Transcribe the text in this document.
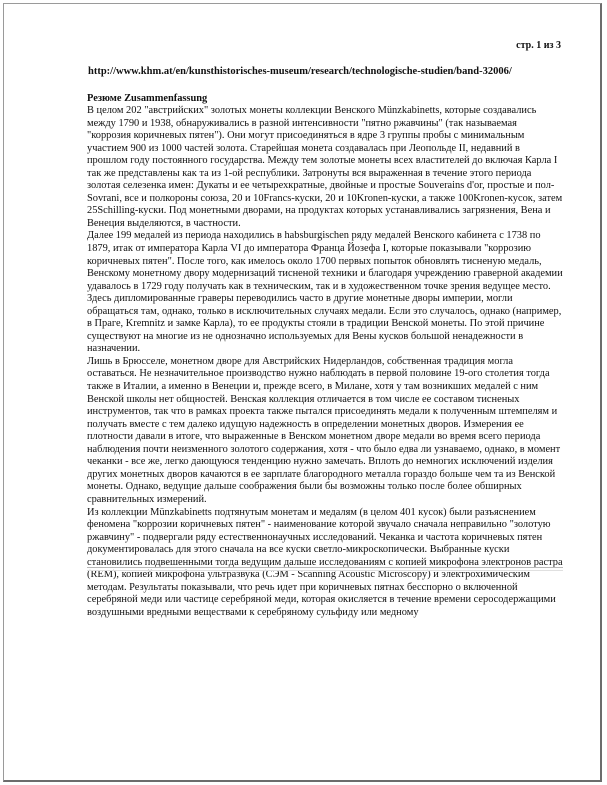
стр. 1 из 3
http://www.khm.at/en/kunsthistorisches-museum/research/technologische-studien/band-32006/

Резюме Zusammenfassung

В целом 202 "австрийских" золотых монеты коллекции Венского Münzkabinetts, которые создавались между 1790 и 1938, обнаруживались в разной интенсивности "пятно ржавчины" (так называемая "коррозия коричневых пятен"). Они могут присоединяться в ядре 3 группы пробы с минимальным участием 900 из 1000 частей золота. Старейшая монета создавалась при Леопольде II, недавний в прошлом году постоянного государства. Между тем золотые монеты всех властителей до включая Карла I так же представлены как та из 1-ой республики. Затронуты вся выраженная в течение этого периода золотая селезенка имен: Дукаты и ее четырехкратные, двойные и простые Souverains d'or, простые и пол-Sovrani, все и полкороны союза, 20 и 10Francs-куски, 20 и 10Kronen-куски, а также 100Kronen-кусок, затем 25Schilling-куски. Под монетными дворами, на продуктах которых устанавливались загрязнения, Вена и Венеция выделяются, в частности.

Далее 199 медалей из периода находились в habsburgischen ряду медалей Венского кабинета с 1738 по 1879, итак от императора Карла VI до императора Франца Йозефа I, которые показывали "коррозию коричневых пятен". После того, как имелось около 1700 первых попыток обновлять тисненую медаль, Венскому монетному двору модернизаций тисненой техники и благодаря учреждению граверной академии удавалось в 1729 году получать как в техническим, так и в художественном точке зрения ведущее место. Здесь дипломированные граверы переводились часто в другие монетные дворы империи, могли обращаться там, однако, только в исключительных случаях медали. Если это случалось, однако (например, в Праге, Kremnitz и замке Карла), то ее продукты стояли в традиции Венской монеты. По этой причине существуют на многие из не однозначно используемых для Вены кусков большой ненадежности в назначении.

Лишь в Брюсселе, монетном дворе для Австрийских Нидерландов, собственная традиция могла оставаться. Не незначительное производство нужно наблюдать в первой половине 19-ого столетия тогда также в Италии, а именно в Венеции и, прежде всего, в Милане, хотя у там возникших медалей с ним Венской школы нет общностей. Венская коллекция отличается в том числе ее составом тисненых инструментов, так что в рамках проекта также пытался присоединять медали к полученным штемпелям и получать вместе с тем далеко идущую надежность в определении монетных дворов. Измерения ее плотности давали в итоге, что выраженные в Венском монетном дворе медали во время всего периода наблюдения почти неизменного золотого содержания, хотя - что было едва ли узнаваемо, однако, в момент чеканки - все же, легко дающуюся тенденцию нужно замечать. Вплоть до немногих исключений изделия других монетных дворов качаются в ее зарплате благородного металла гораздо больше чем та из Венской монеты. Однако, ведущие дальше соображения были бы возможны только после более обширных сравнительных измерений.

Из коллекции Münzkabinetts подтянутым монетам и медалям (в целом 401 кусок) были разъяснением феномена "коррозии коричневых пятен" - наименование которой звучало сначала неправильно "золотую ржавчину" - подвергали ряду естественнонаучных исследований. Чеканка и частота коричневых пятен документировалась для этого сначала на все куски светло-микроскопически. Выбранные куски становились подвешенными тогда ведущим дальше исследованиям с копией микрофона электронов растра (REM), копией микрофона ультразвука (СЭМ - Scanning Acoustic Microscopy) и электрохимическим методам. Результаты показывали, что речь идет при коричневых пятнах бесспорно о включенной серебряной меди или частице серебряной меди, которая окисляется в течение времени серосодержащими воздушными вредными веществами к серебряному сульфиду или медному
